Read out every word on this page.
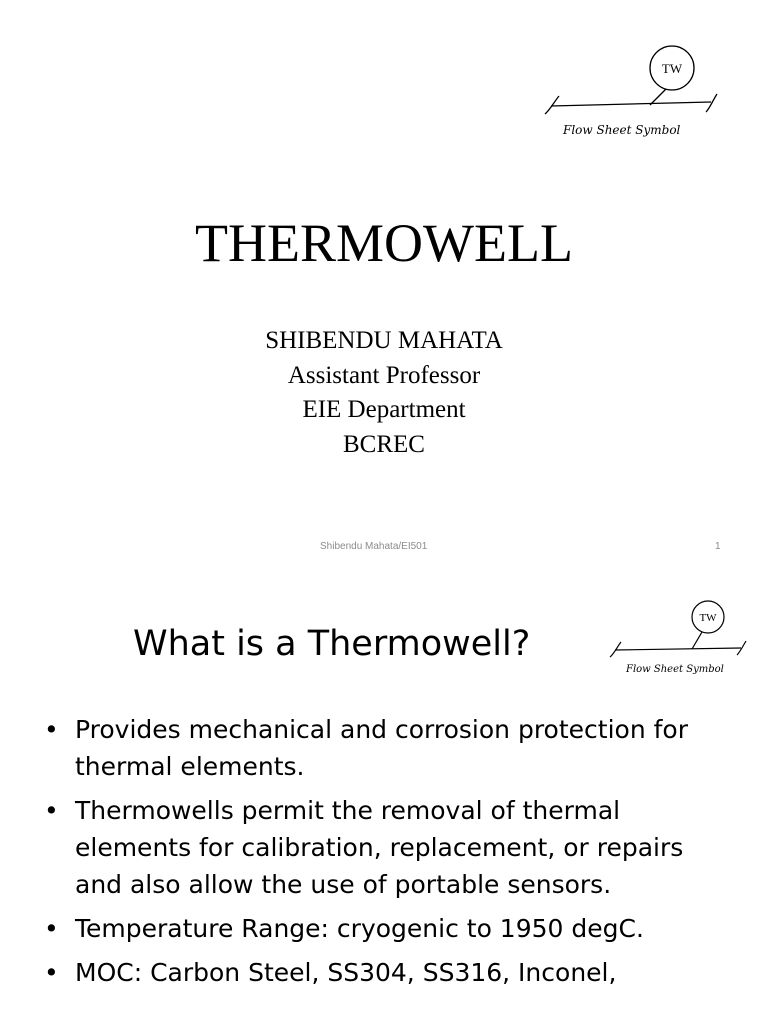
TW
Flow Sheet Symbol
THERMOWELL
SHIBENDU MAHATA
Assistant Professor
EIE Department
BCREC
Shibendu Mahata/EI501	1
What is a Thermowell?
TW
Flow Sheet Symbol
• Provides mechanical and corrosion protection for thermal elements.
• Thermowells permit the removal of thermal elements for calibration, replacement, or repairs and also allow the use of portable sensors.
• Temperature Range: cryogenic to 1950 degC.
• MOC: Carbon Steel, SS304, SS316, Inconel,
